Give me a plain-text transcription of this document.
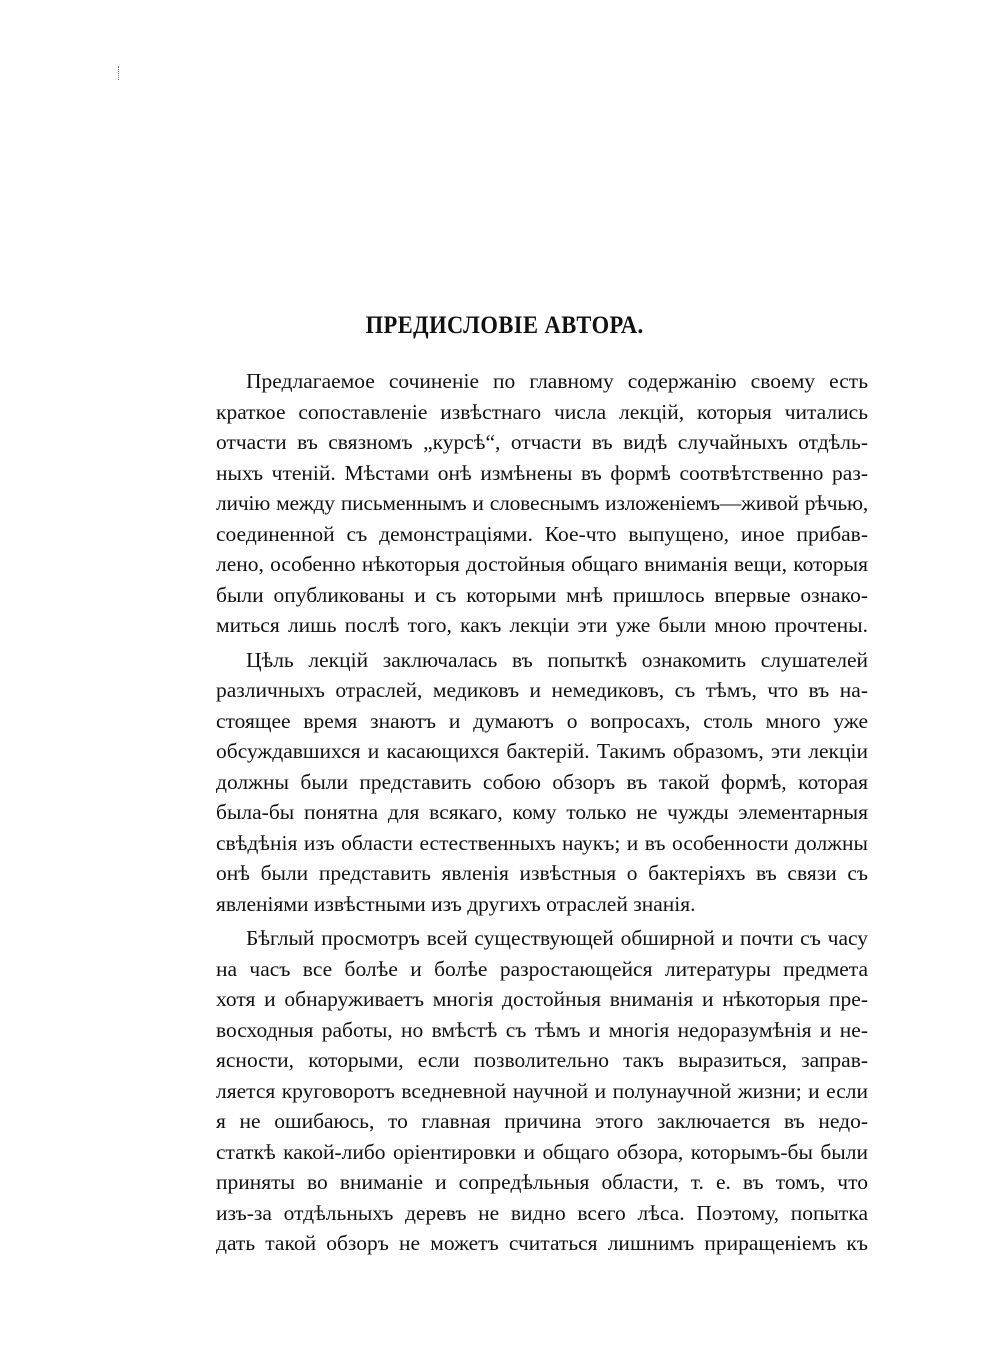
ПРЕДИСЛОВІЕ АВТОРА.
Предлагаемое сочиненіе по главному содержанію своему есть
краткое сопоставленіе извѣстнаго числа лекцій, которыя читались
отчасти въ связномъ „курсѣ“, отчасти въ видѣ случайныхъ отдѣль-
ныхъ чтеній. Мѣстами онѣ измѣнены въ формѣ соотвѣтственно раз-
личію между письменнымъ и словеснымъ изложеніемъ—живой рѣчью,
соединенной съ демонстраціями. Кое-что выпущено, иное прибав-
лено, особенно нѣкоторыя достойныя общаго вниманія вещи, которыя
были опубликованы и съ которыми мнѣ пришлось впервые ознако-
миться лишь послѣ того, какъ лекціи эти уже были мною прочтены.
Цѣль лекцій заключалась въ попыткѣ ознакомить слушателей
различныхъ отраслей, медиковъ и немедиковъ, съ тѣмъ, что въ на-
стоящее время знаютъ и думаютъ о вопросахъ, столь много уже
обсуждавшихся и касающихся бактерій. Такимъ образомъ, эти лекціи
должны были представить собою обзоръ въ такой формѣ, которая
была-бы понятна для всякаго, кому только не чужды элементарныя
свѣдѣнія изъ области естественныхъ наукъ; и въ особенности должны
онѣ были представить явленія извѣстныя о бактеріяхъ въ связи съ
явленіями извѣстными изъ другихъ отраслей знанія.
Бѣглый просмотръ всей существующей обширной и почти съ часу
на часъ все болѣе и болѣе разростающейся литературы предмета
хотя и обнаруживаетъ многія достойныя вниманія и нѣкоторыя пре-
восходныя работы, но вмѣстѣ съ тѣмъ и многія недоразумѣнія и не-
ясности, которыми, если позволительно такъ выразиться, заправ-
ляется круговоротъ вседневной научной и полунаучной жизни; и если
я не ошибаюсь, то главная причина этого заключается въ недо-
статкѣ какой-либо оріентировки и общаго обзора, которымъ-бы были
приняты во вниманіе и сопредѣльныя области, т. е. въ томъ, что
изъ-за отдѣльныхъ деревъ не видно всего лѣса. Поэтому, попытка
дать такой обзоръ не можетъ считаться лишнимъ приращеніемъ къ
